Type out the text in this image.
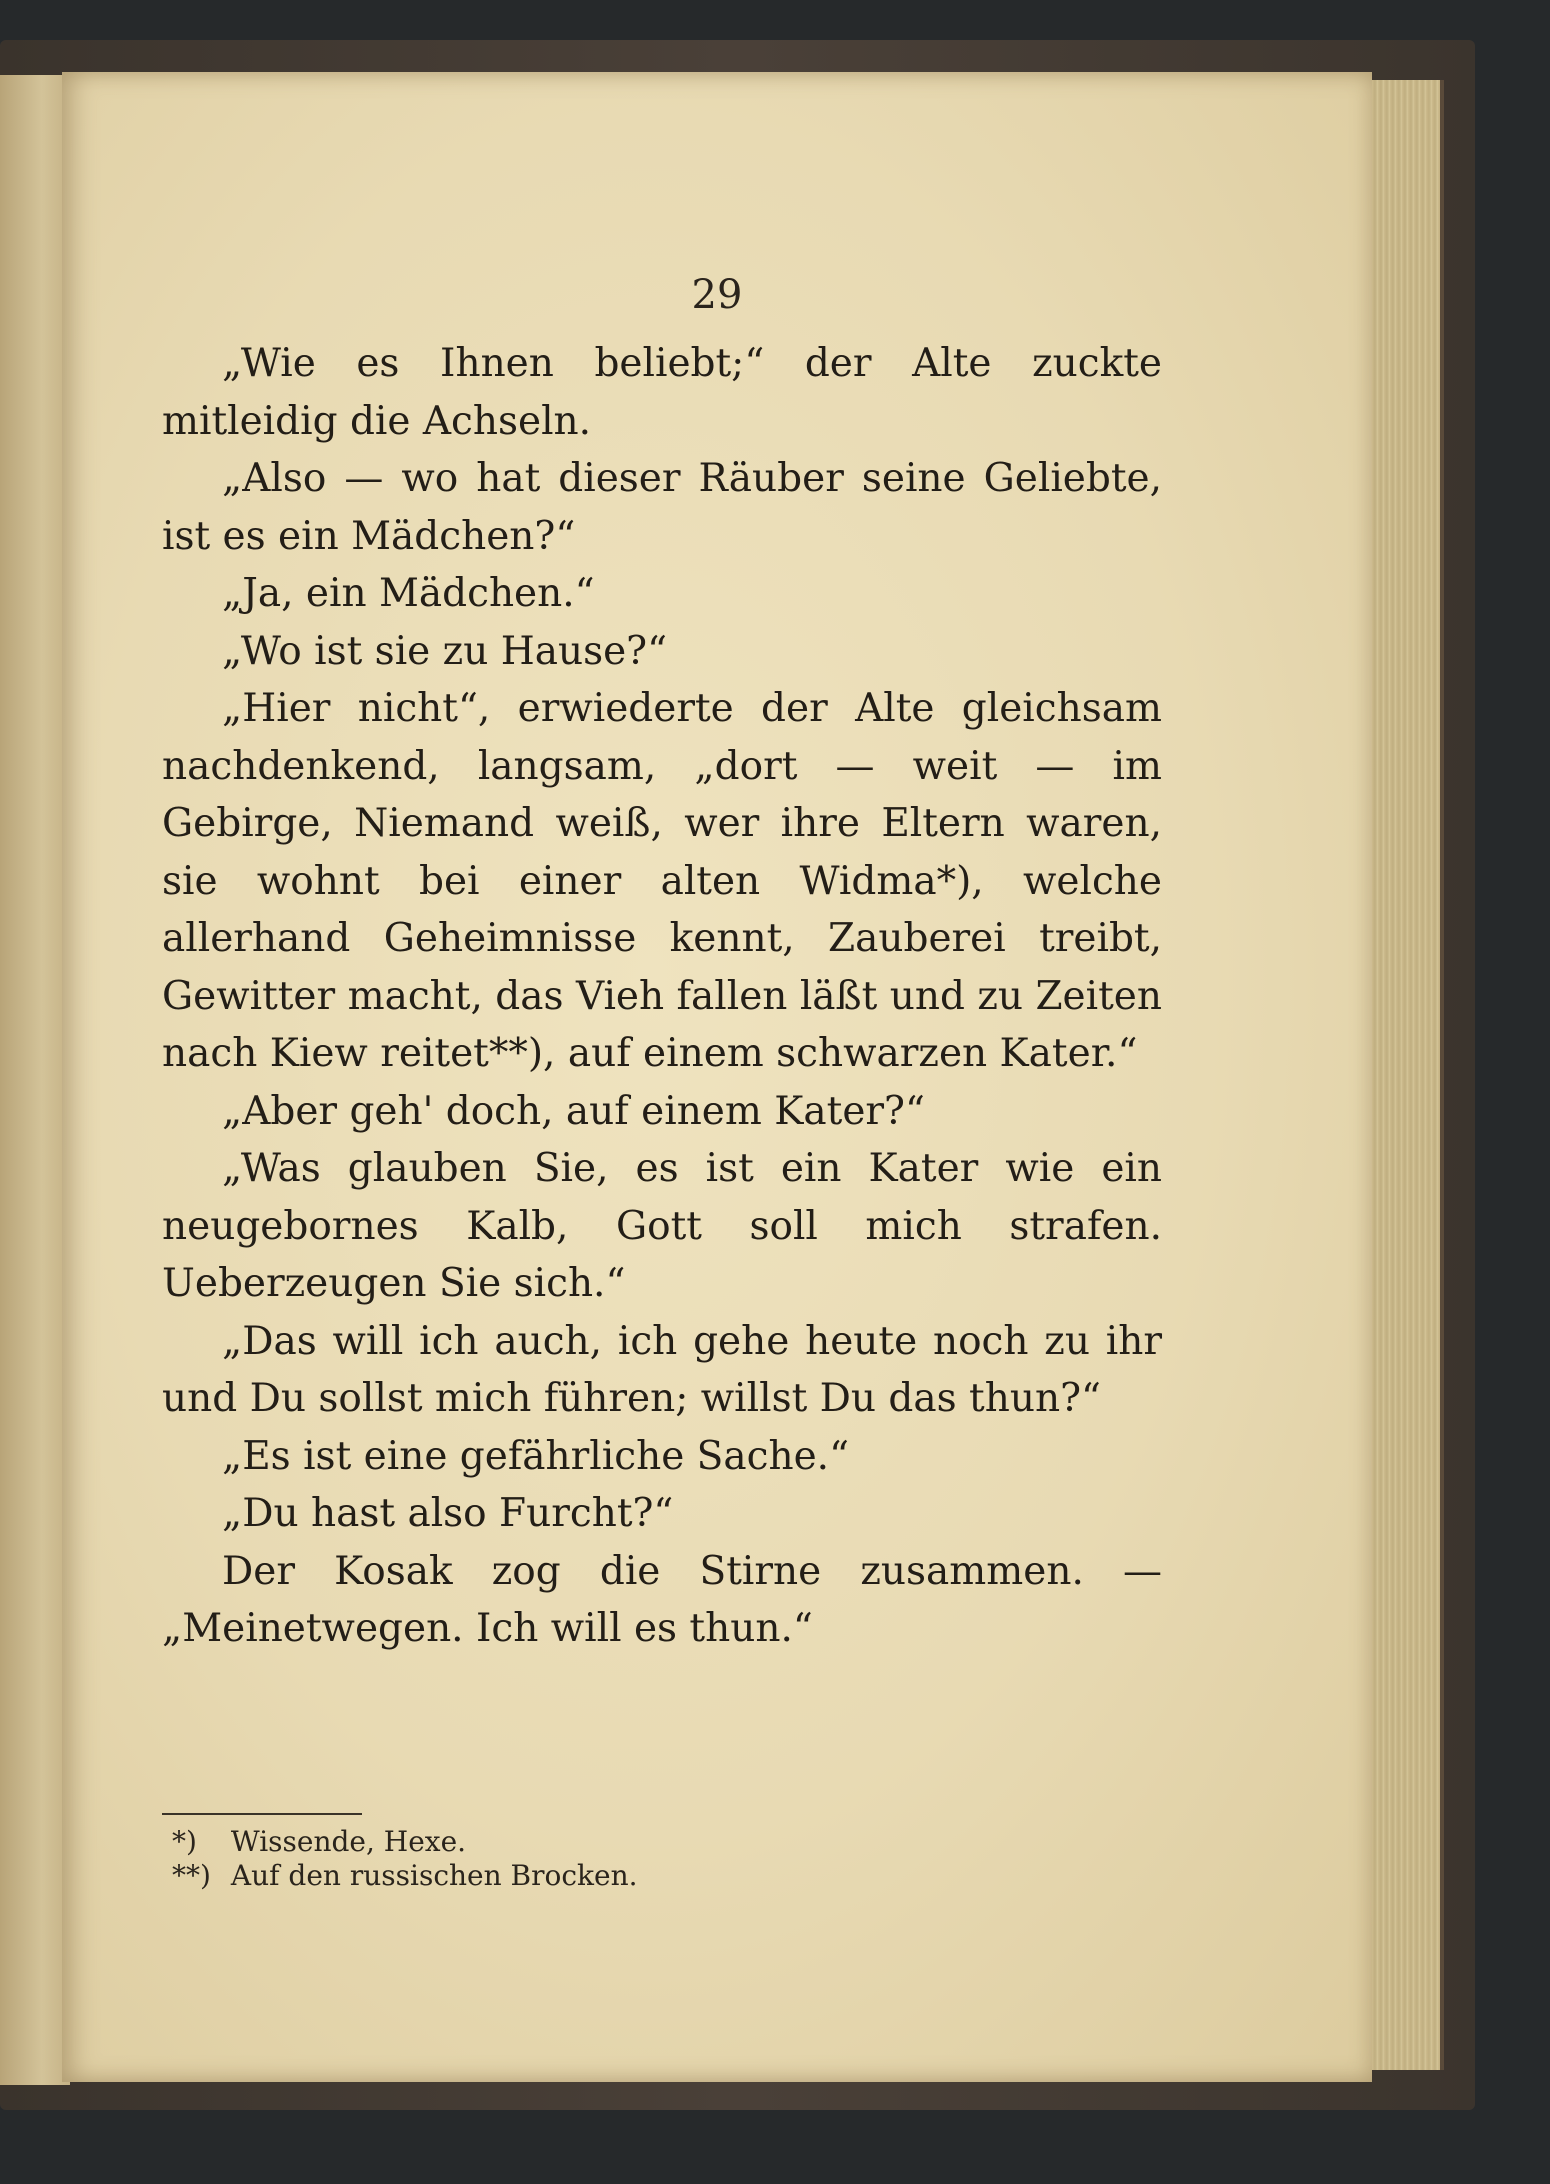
29

„Wie es Ihnen beliebt;“ der Alte zuckte mitleidig die Achseln.

„Also — wo hat dieser Räuber seine Geliebte, ist es ein Mädchen?“

„Ja, ein Mädchen.“

„Wo ist sie zu Hause?“

„Hier nicht“, erwiederte der Alte gleichsam nachdenkend, langsam, „dort — weit — im Gebirge, Niemand weiß, wer ihre Eltern waren, sie wohnt bei einer alten Widma*), welche allerhand Geheimnisse kennt, Zauberei treibt, Gewitter macht, das Vieh fallen läßt und zu Zeiten nach Kiew reitet**), auf einem schwarzen Kater.“

„Aber geh' doch, auf einem Kater?“

„Was glauben Sie, es ist ein Kater wie ein neugebornes Kalb, Gott soll mich strafen. Ueberzeugen Sie sich.“

„Das will ich auch, ich gehe heute noch zu ihr und Du sollst mich führen; willst Du das thun?“

„Es ist eine gefährliche Sache.“

„Du hast also Furcht?“

Der Kosak zog die Stirne zusammen. — „Meinetwegen. Ich will es thun.“

*) Wissende, Hexe.

**) Auf den russischen Brocken.
